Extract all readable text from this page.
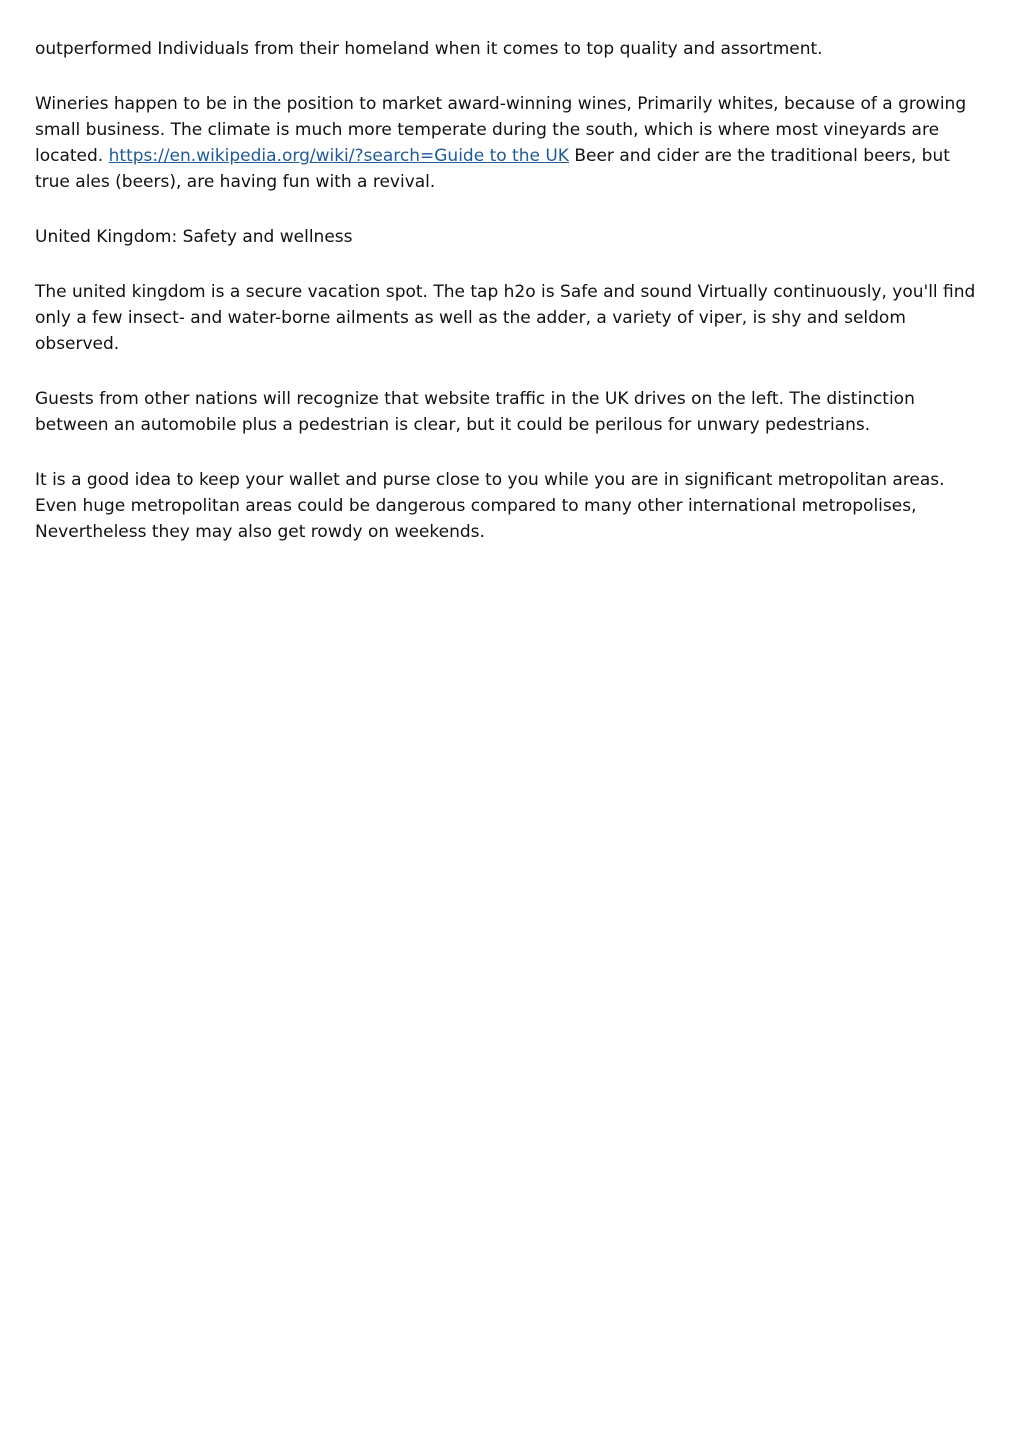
outperformed Individuals from their homeland when it comes to top quality and assortment.

Wineries happen to be in the position to market award-winning wines, Primarily whites, because of a growing small business. The climate is much more temperate during the south, which is where most vineyards are located. https://en.wikipedia.org/wiki/?search=Guide to the UK Beer and cider are the traditional beers, but true ales (beers), are having fun with a revival.

United Kingdom: Safety and wellness

The united kingdom is a secure vacation spot. The tap h2o is Safe and sound Virtually continuously, you'll find only a few insect- and water-borne ailments as well as the adder, a variety of viper, is shy and seldom observed.

Guests from other nations will recognize that website traffic in the UK drives on the left. The distinction between an automobile plus a pedestrian is clear, but it could be perilous for unwary pedestrians.

It is a good idea to keep your wallet and purse close to you while you are in significant metropolitan areas. Even huge metropolitan areas could be dangerous compared to many other international metropolises, Nevertheless they may also get rowdy on weekends.
